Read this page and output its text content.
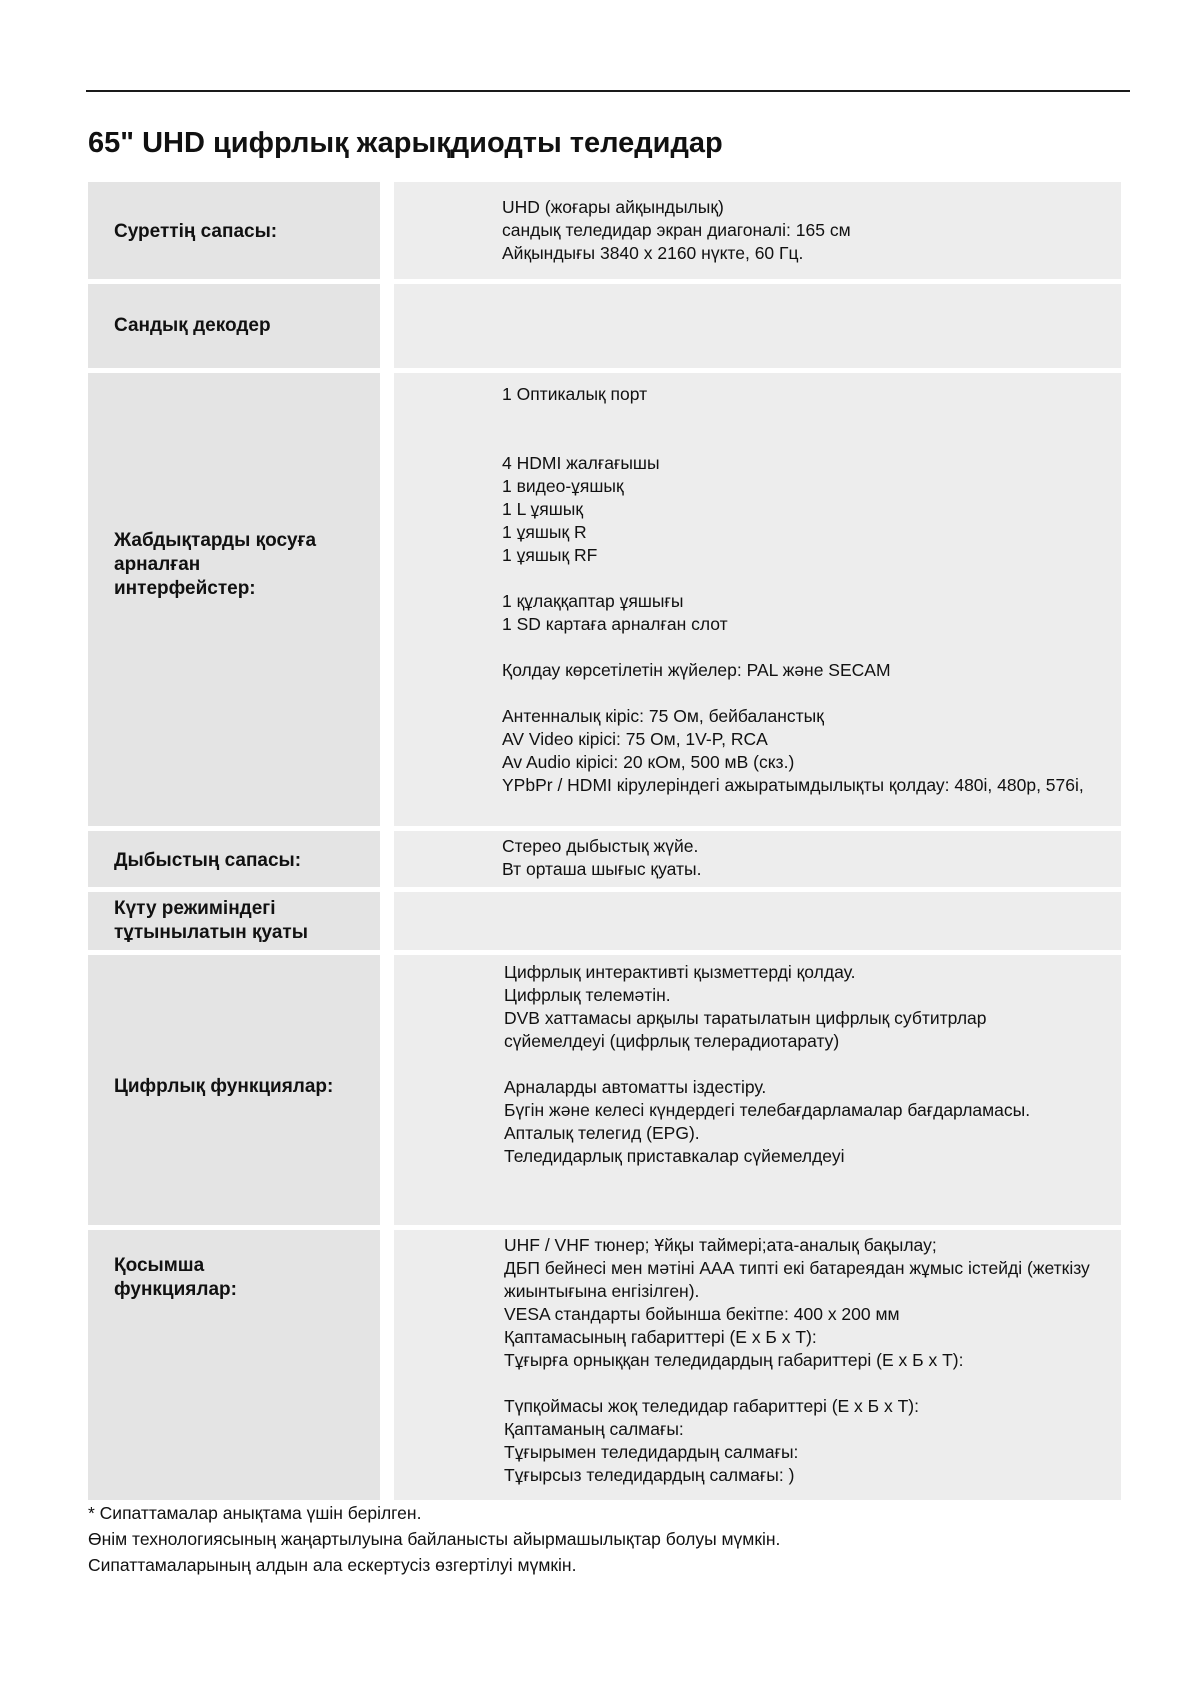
65" UHD цифрлық жарықдиодты теледидар

Суреттің сапасы:

UHD (жоғары айқындылық)
сандық теледидар экран диагоналі: 165 см
Айқындығы 3840 x 2160 нүкте, 60 Гц.

Сандық декодер

Жабдықтарды қосуға
арналған
интерфейстер:

1 Оптикалық порт

4 HDMI жалғағышы
1 видео-ұяшық
1 L ұяшық
1 ұяшық R
1 ұяшық RF

1 құлаққаптар ұяшығы
1 SD картаға арналған слот

Қолдау көрсетілетін жүйелер: PAL және SECAM

Антенналық кіріс: 75 Ом, бейбаланстық
AV Video кірісі: 75 Ом, 1V-P, RCA
Av Audio кірісі: 20 кОм, 500 мВ (скз.)
YPbPr / HDMI кірулеріндегі ажыратымдылықты қолдау: 480i, 480p, 576i,

Дыбыстың сапасы:

Стерео дыбыстық жүйе.
Вт орташа шығыс қуаты.

Күту режиміндегі
тұтынылатын қуаты

Цифрлық функциялар:

Цифрлық интерактивті қызметтерді қолдау.
Цифрлық телемәтін.
DVB хаттамасы арқылы таратылатын цифрлық субтитрлар
сүйемелдеуі (цифрлық телерадиотарату)

Арналарды автоматты іздестіру.
Бүгін және келесі күндердегі телебағдарламалар бағдарламасы.
Апталық телегид (EPG).
Теледидарлық приставкалар сүйемелдеуі

Қосымша
функциялар:

UHF / VHF тюнер; Ұйқы таймері;ата-аналық бақылау;
ДБП бейнесі мен мәтіні ААА типті екі батареядан жұмыс істейді (жеткізу
жиынтығына енгізілген).
VESA стандарты бойынша бекітпе: 400 x 200 мм
Қаптамасының габариттері (Е х Б х Т):
Тұғырға орныққан теледидардың габариттері (Е х Б х Т):

Түпқоймасы жоқ теледидар габариттері (Е х Б х Т):
Қаптаманың салмағы:
Тұғырымен теледидардың салмағы:
Тұғырсыз теледидардың салмағы: )

* Сипаттамалар анықтама үшін берілген.
Өнім технологиясының жаңартылуына байланысты айырмашылықтар болуы мүмкін.
Сипаттамаларының алдын ала ескертусіз өзгертілуі мүмкін.
